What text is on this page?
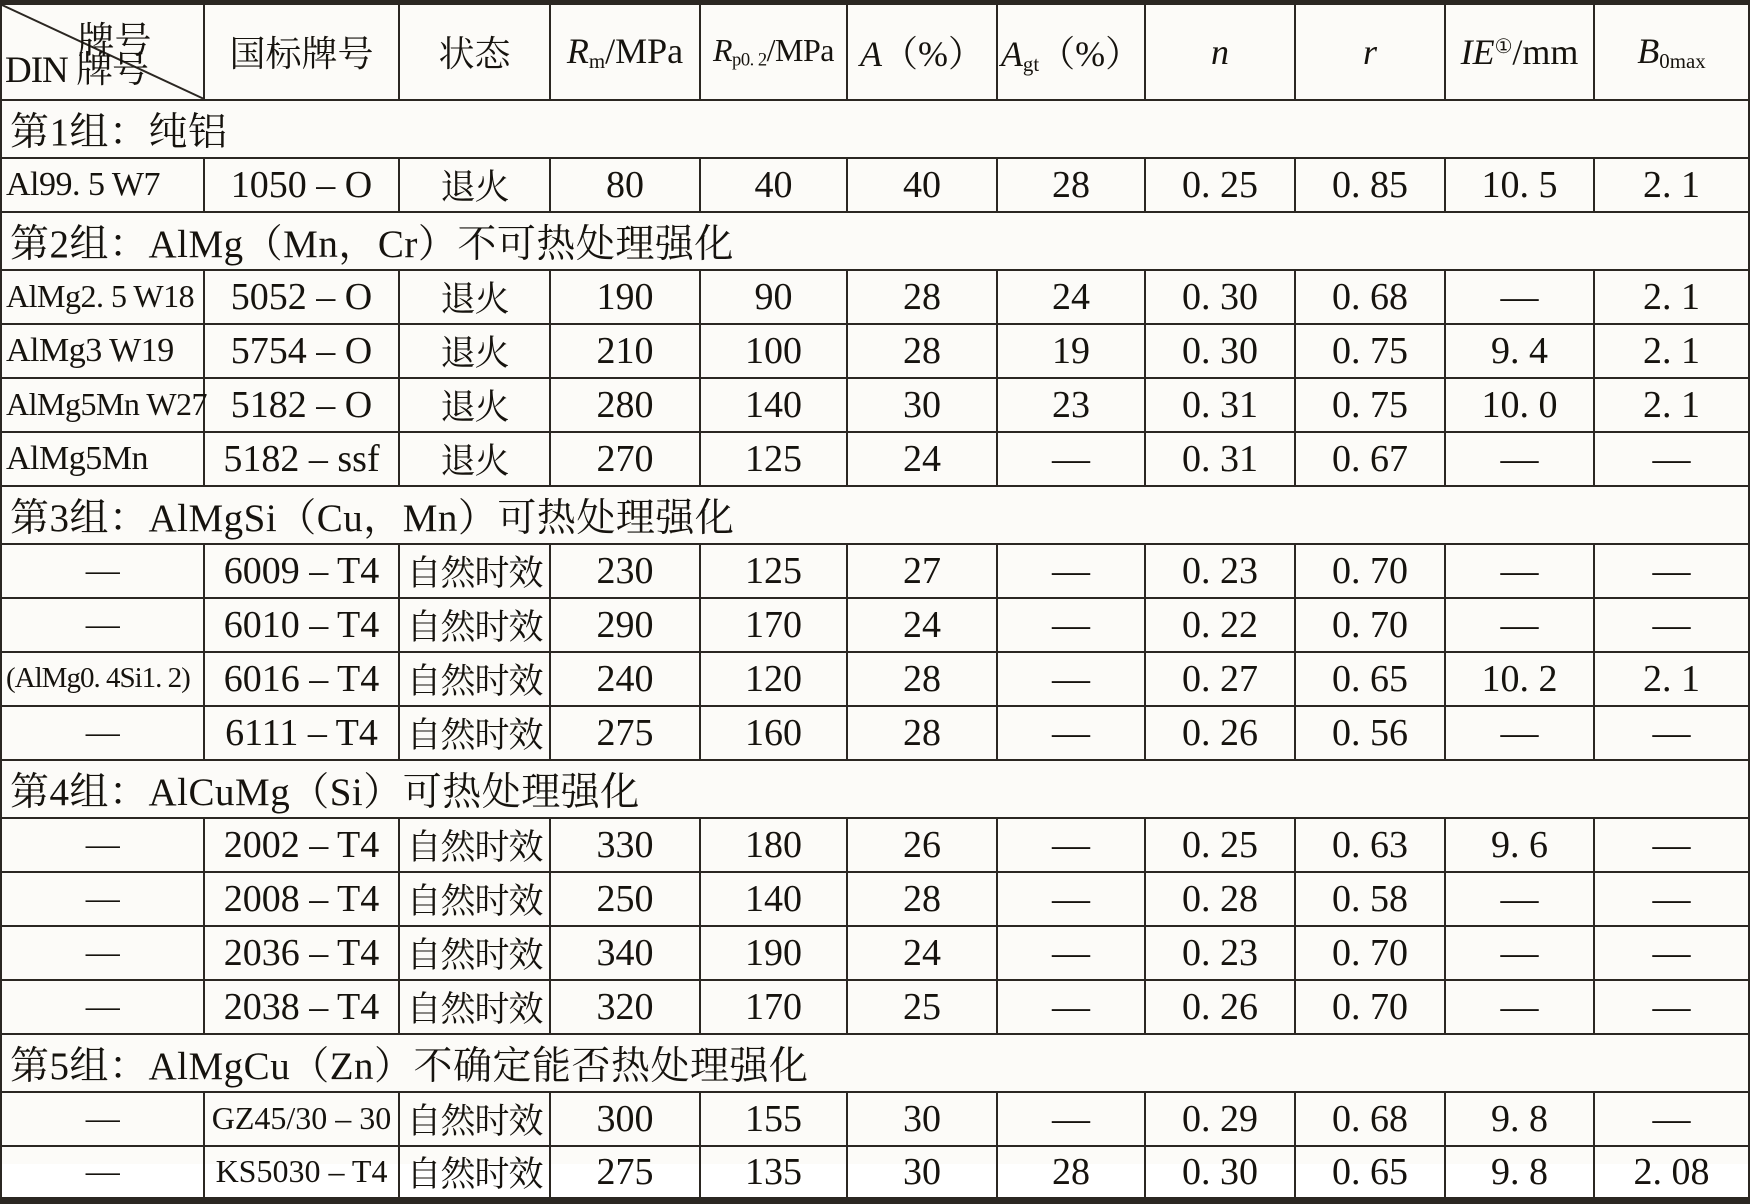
牌号
DIN 牌号	国标牌号	状态	$R_m$/MPa	$R_{p0. 2}$/MPa	A（%）	$A_{gt}(\%)$	n	r	IE①/mm	$B_{0max}$
第1组：纯铝										
Al99. 5 W7	1050 – O	退火	80	40	40	28	0. 25	0. 85	10. 5	2. 1
第2组：AlMg（Mn，Cr）不可热处理强化										
AlMg2. 5 W18	5052 – O	退火	190	90	28	24	0. 30	0. 68	—	2. 1
AlMg3 W19	5754 – O	退火	210	100	28	19	0. 30	0. 75	9. 4	2. 1
AlMg5Mn W27	5182 – O	退火	280	140	30	23	0. 31	0. 75	10. 0	2. 1
AlMg5Mn	5182 – ssf	退火	270	125	24	—	0. 31	0. 67	—	—
第3组：AlMgSi（Cu，Mn）可热处理强化										
—	6009 – T4	自然时效	230	125	27	—	0. 23	0. 70	—	—
—	6010 – T4	自然时效	290	170	24	—	0. 22	0. 70	—	—
(AlMg0. 4Si1. 2)	6016 – T4	自然时效	240	120	28	—	0. 27	0. 65	10. 2	2. 1
—	6111 – T4	自然时效	275	160	28	—	0. 26	0. 56	—	—
第4组：AlCuMg（Si）可热处理强化										
—	2002 – T4	自然时效	330	180	26	—	0. 25	0. 63	9. 6	—
—	2008 – T4	自然时效	250	140	28	—	0. 28	0. 58	—	—
—	2036 – T4	自然时效	340	190	24	—	0. 23	0. 70	—	—
—	2038 – T4	自然时效	320	170	25	—	0. 26	0. 70	—	—
第5组：AlMgCu（Zn）不确定能否热处理强化										
—	GZ45/30 – 30	自然时效	300	155	30	—	0. 29	0. 68	9. 8	—
—	KS5030 – T4	自然时效	275	135	30	28	0. 30	0. 65	9. 8	2. 08
